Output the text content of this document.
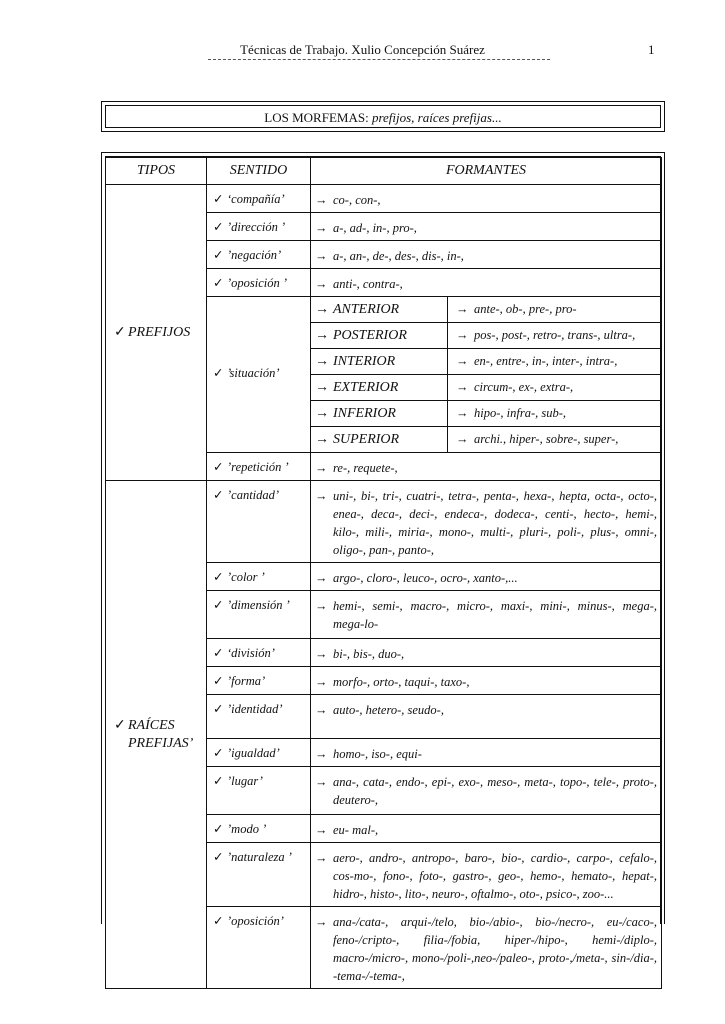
Técnicas de Trabajo. Xulio Concepción Suárez	1
LOS MORFEMAS: prefijos, raíces prefijas...
TIPOS	SENTIDO	FORMANTES	
✓ PREFIJOS	✓ ‘compañía’	→ co-, con-,	
	✓ ’dirección ’	→ a-, ad-, in-, pro-,	
	✓ ’negación’	→ a-, an-, de-, des-, dis-, in-,	
	✓ ’oposición ’	→ anti-, contra-,	
	✓ ’situación’	→ ANTERIOR	→ ante-, ob-, pre-, pro-
		→ POSTERIOR	→ pos-, post-, retro-, trans-, ultra-,
		→ INTERIOR	→ en-, entre-, in-, inter-, intra-,
		→ EXTERIOR	→ circum-, ex-, extra-,
		→ INFERIOR	→ hipo-, infra-, sub-,
		→ SUPERIOR	→ archi., hiper-, sobre-, super-,
	✓ ’repetición ’	→ re-, requete-,	

✓ RAÍCES PREFIJAS’	✓ ’cantidad’	→ uni-, bi-, tri-, cuatri-, tetra-, penta-, hexa-, hepta, octa-, octo-, enea-, deca-, deci-, endeca-, dodeca-, centi-, hecto-, hemi-, kilo-, mili-, miria-, mono-, multi-, pluri-, poli-, plus-, omni-, oligo-, pan-, panto-,	

	✓ ’color ’	→ argo-, cloro-, leuco-, ocro-, xanto-,...	

	✓ ’dimensión ’	→ hemi-, semi-, macro-, micro-, maxi-, mini-, minus-, mega-, mega-lo-	

	✓ ‘división’	→ bi-, bis-, duo-,	

	✓ ’forma’	→ morfo-, orto-, taqui-, taxo-,	

	✓ ’identidad’	→ auto-, hetero-, seudo-,	

	✓ ’igualdad’	→ homo-, iso-, equi-	

	✓ ’lugar’	→ ana-, cata-, endo-, epi-, exo-, meso-, meta-, topo-, tele-, proto-, deutero-,	

	✓ ’modo ’	→ eu- mal-,	

	✓ ’naturaleza ’	→ aero-, andro-, antropo-, baro-, bio-, cardio-, carpo-, cefalo-, cos-mo-, fono-, foto-, gastro-, geo-, hemo-, hemato-, hepat-, hidro-, histo-, lito-, neuro-, oftalmo-, oto-, psico-, zoo-...	

	✓ ’oposición’	→ ana-/cata-, arqui-/telo, bio-/abio-, bio-/necro-, eu-/caco-, feno-/cripto-, filia-/fobia, hiper-/hipo-, hemi-/diplo-, macro-/micro-, mono-/poli-,neo-/paleo-, proto-,/meta-, sin-/dia-, -tema-/-tema-,	
